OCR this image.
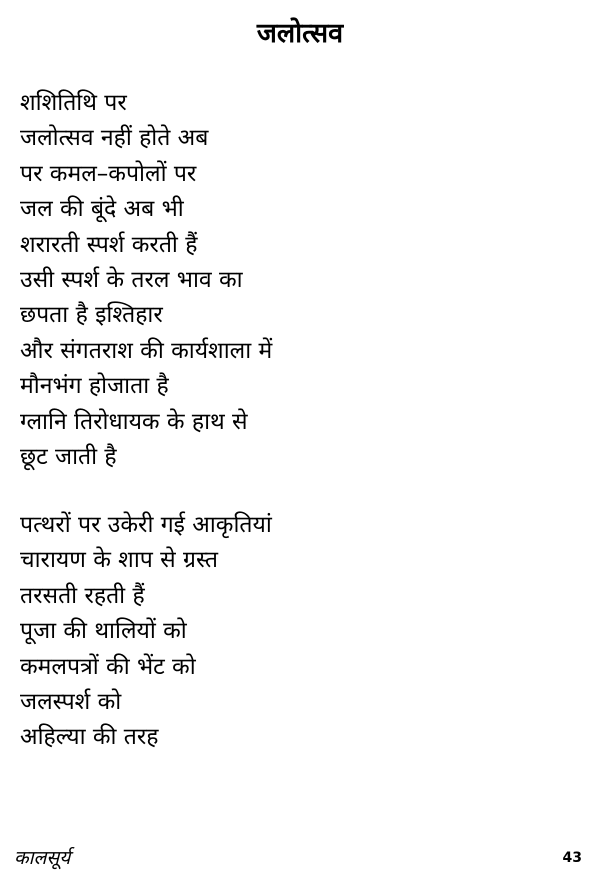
जलोत्सव
शशितिथि पर
जलोत्सव नहीं होते अब
पर कमल–कपोलों पर
जल की बूंदे अब भी
शरारती स्पर्श करती हैं
उसी स्पर्श के तरल भाव का
छपता है इश्तिहार
और संगतराश की कार्यशाला में
मौनभंग होजाता है
ग्लानि तिरोधायक के हाथ से
छूट जाती है
पत्थरों पर उकेरी गई आकृतियां
चारायण के शाप से ग्रस्त
तरसती रहती हैं
पूजा की थालियों को
कमलपत्रों की भेंट को
जलस्पर्श को
अहिल्या की तरह
कालसूर्य	43
